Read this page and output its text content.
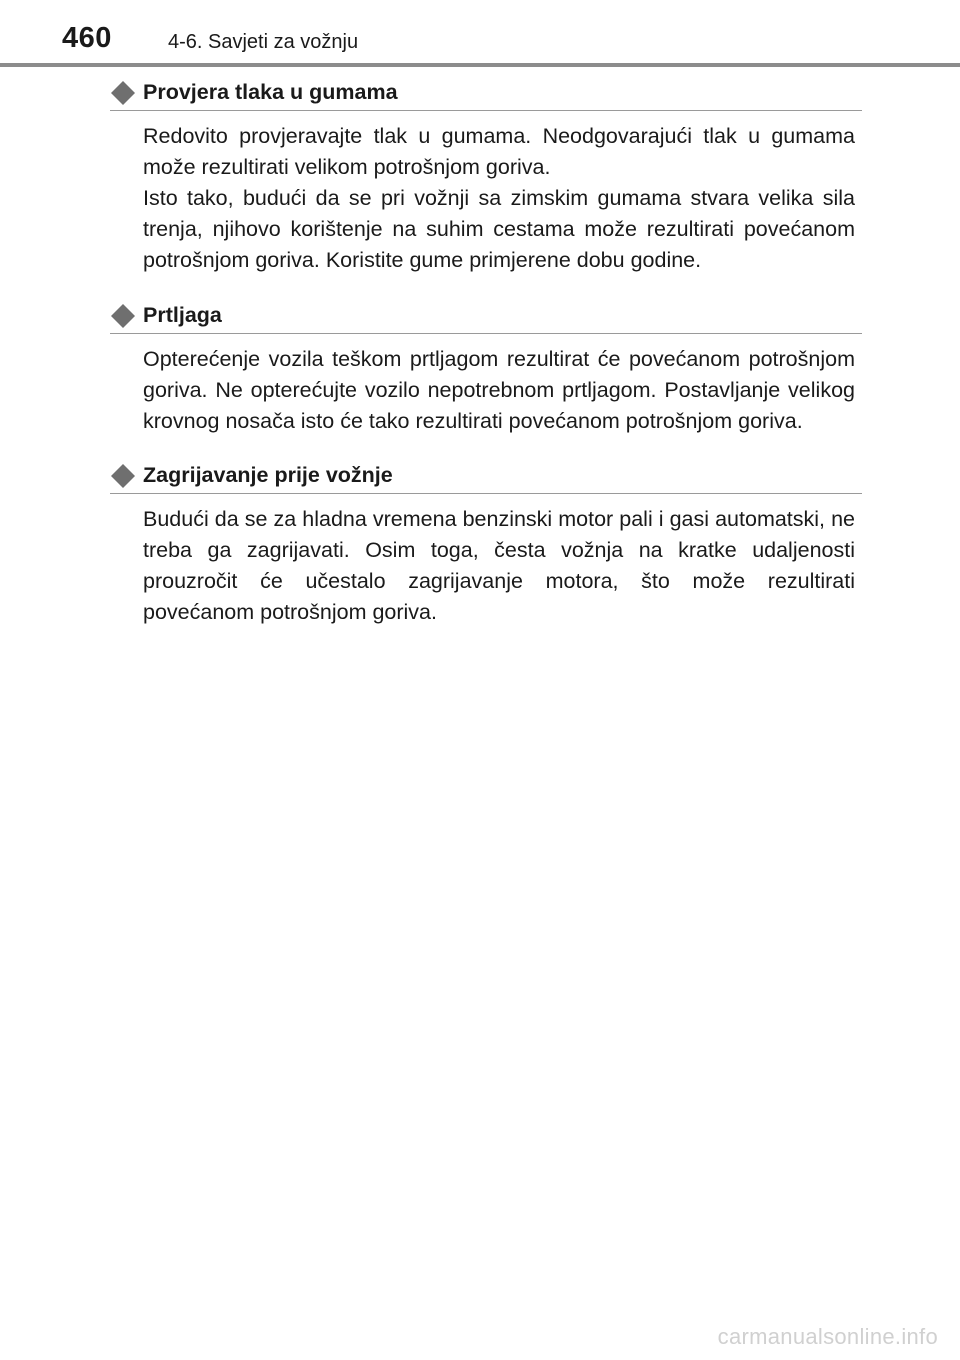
460	4-6. Savjeti za vožnju
Provjera tlaka u gumama

Redovito provjeravajte tlak u gumama. Neodgovarajući tlak u gumama može rezultirati velikom potrošnjom goriva.

Isto tako, budući da se pri vožnji sa zimskim gumama stvara velika sila trenja, njihovo korištenje na suhim cestama može rezultirati povećanom potrošnjom goriva. Koristite gume primjerene dobu godine.

Prtljaga

Opterećenje vozila teškom prtljagom rezultirat će povećanom potrošnjom goriva. Ne opterećujte vozilo nepotrebnom prtljagom. Postavljanje velikog krovnog nosača isto će tako rezultirati povećanom potrošnjom goriva.

Zagrijavanje prije vožnje

Budući da se za hladna vremena benzinski motor pali i gasi automatski, ne treba ga zagrijavati. Osim toga, česta vožnja na kratke udaljenosti prouzročit će učestalo zagrijavanje motora, što može rezultirati povećanom potrošnjom goriva.

carmanualsonline.info
